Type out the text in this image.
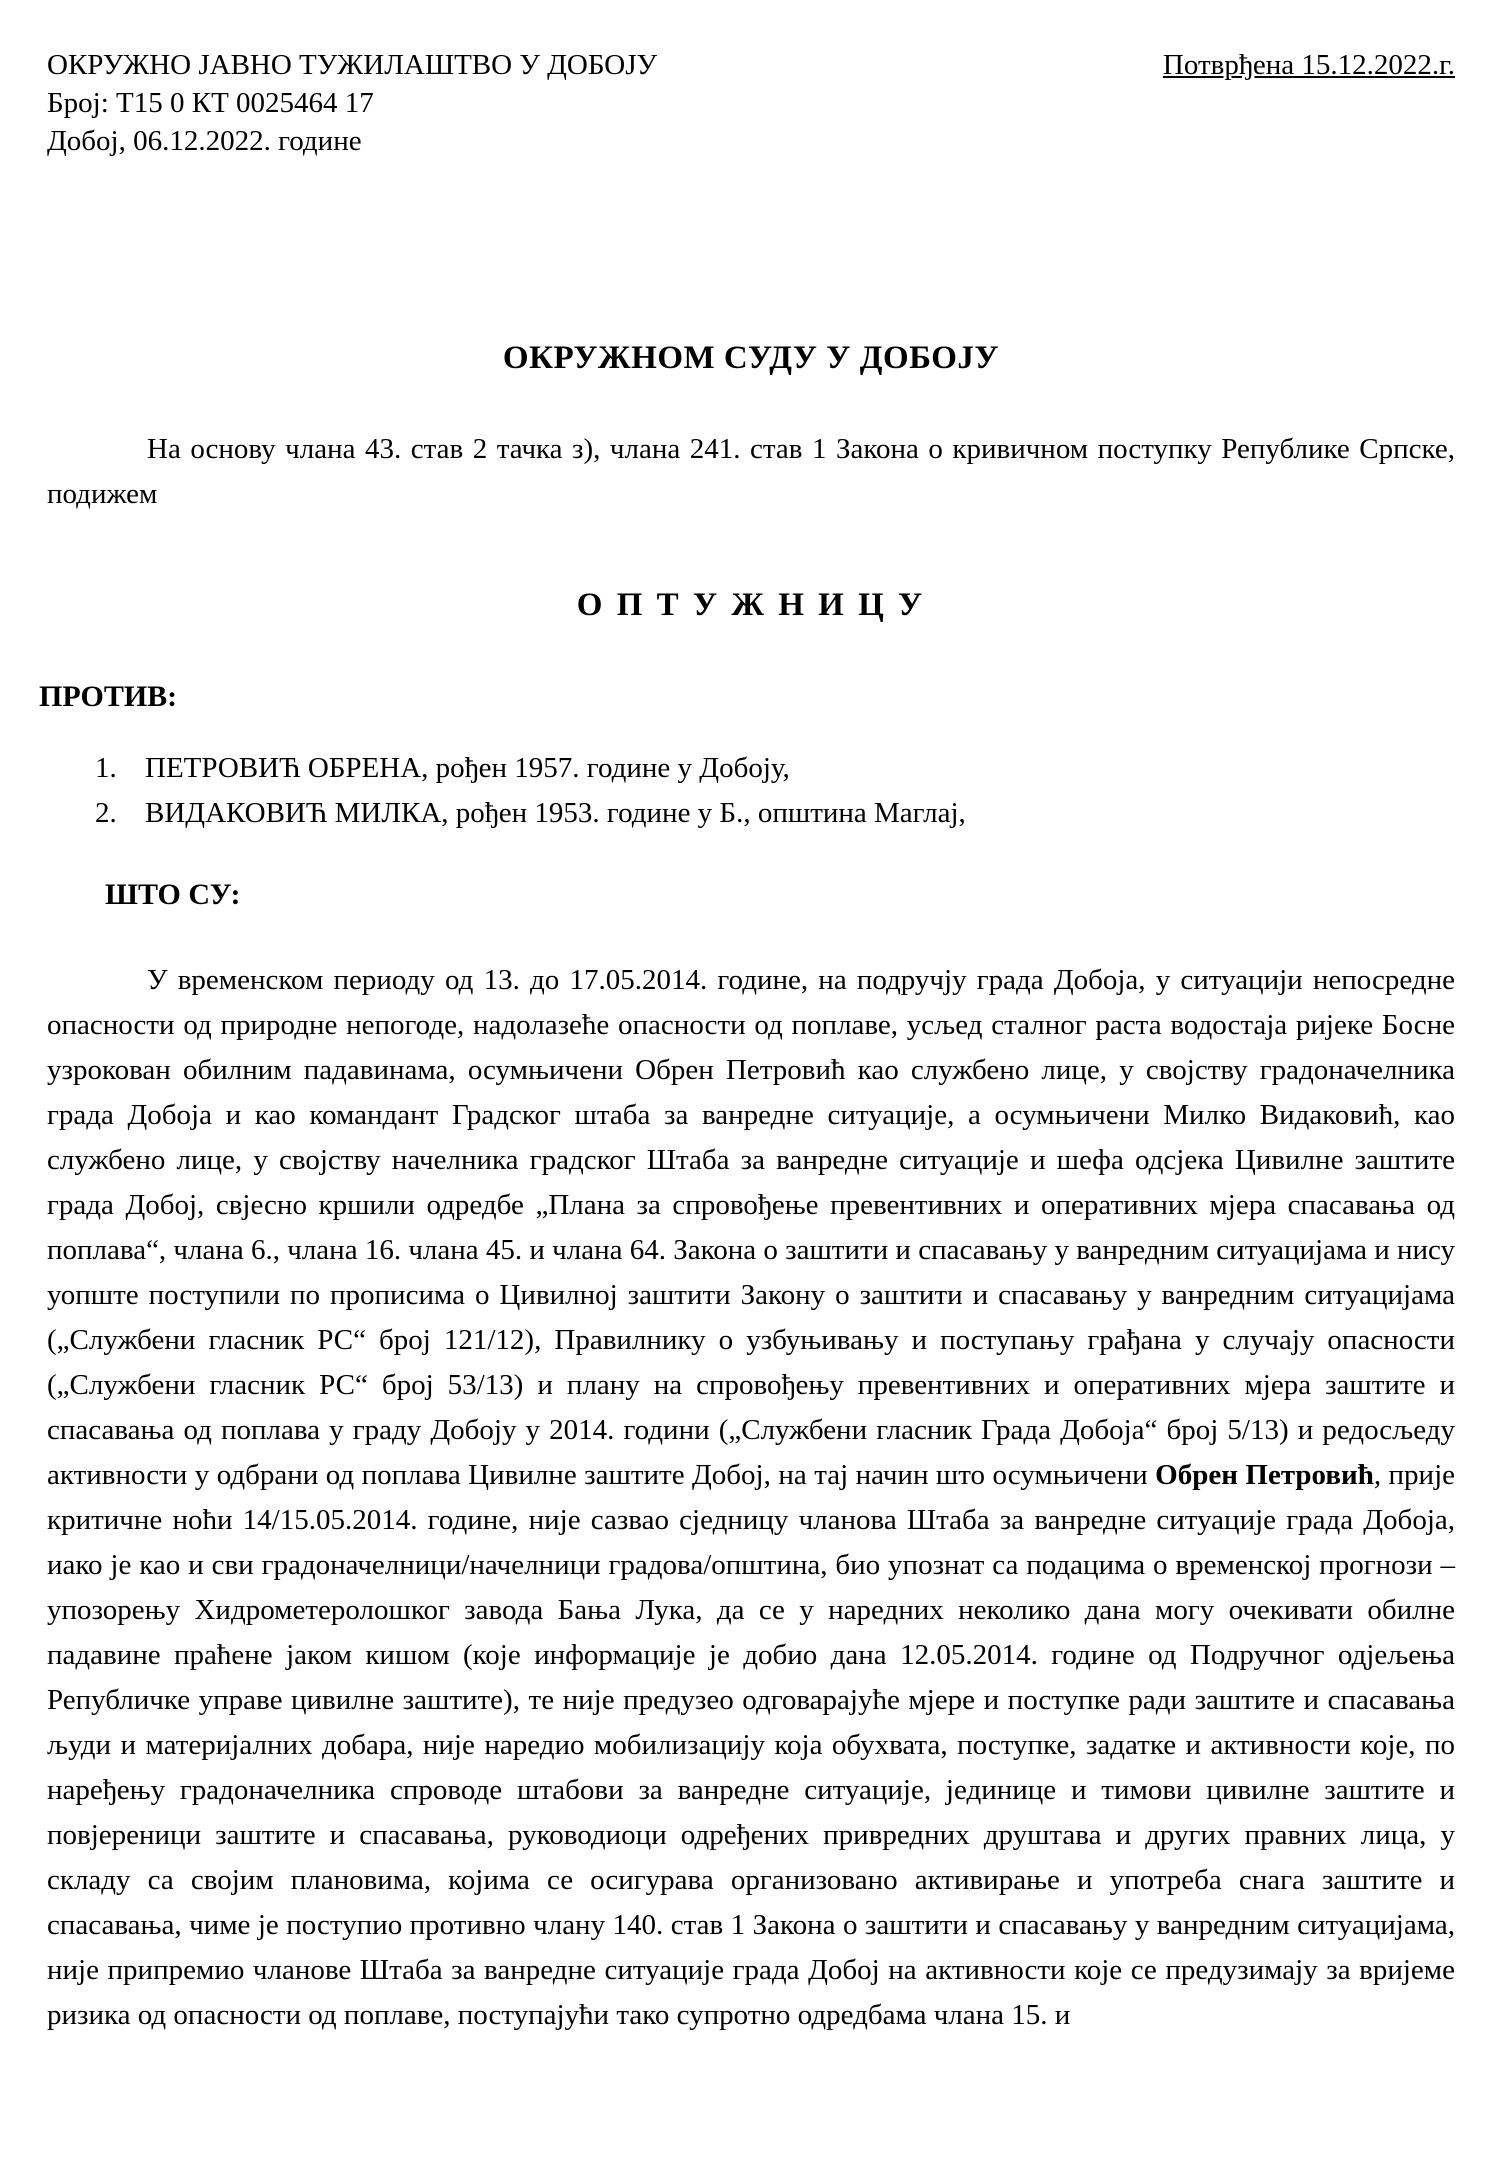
ОКРУЖНО ЈАВНО ТУЖИЛАШТВО У ДОБОЈУ
Број: Т15 0 КТ 0025464 17
Добој, 06.12.2022. године
Потврђена 15.12.2022.г.
ОКРУЖНОМ СУДУ У ДОБОЈУ

На основу члана 43. став 2 тачка з), члана 241. став 1 Закона о кривичном поступку Републике Српске, подижем

О П Т У Ж Н И Ц У
ПРОТИВ:
1. ПЕТРОВИЋ ОБРЕНА, рођен 1957. године у Добоју,
2. ВИДАКОВИЋ МИЛКА, рођен 1953. године у Б., општина Маглај,
ШТО СУ:

У временском периоду од 13. до 17.05.2014. године, на подручју града Добоја, у ситуацији непосредне опасности од природне непогоде, надолазеће опасности од поплаве, усљед сталног раста водостаја ријеке Босне узрокован обилним падавинама, осумњичени Обрен Петровић као службено лице, у својству градоначелника града Добоја и као командант Градског штаба за ванредне ситуације, а осумњичени Милко Видаковић, као службено лице, у својству начелника градског Штаба за ванредне ситуације и шефа одсјека Цивилне заштите града Добој, свјесно кршили одредбе „Плана за спровођење превентивних и оперативних мјера спасавања од поплава“, члана 6., члана 16. члана 45. и члана 64. Закона о заштити и спасавању у ванредним ситуацијама и нису уопште поступили по прописима о Цивилној заштити Закону о заштити и спасавању у ванредним ситуацијама („Службени гласник РС“ број 121/12), Правилнику о узбуњивању и поступању грађана у случају опасности („Службени гласник РС“ број 53/13) и плану на спровођењу превентивних и оперативних мјера заштите и спасавања од поплава у граду Добоју у 2014. години („Службени гласник Града Добоја“ број 5/13) и редосљеду активности у одбрани од поплава Цивилне заштите Добој, на тај начин што осумњичени Обрен Петровић, прије критичне ноћи 14/15.05.2014. године, није сазвао сједницу чланова Штаба за ванредне ситуације града Добоја, иако је као и сви градоначелници/начелници градова/општина, био упознат са подацима о временској прогнози – упозорењу Хидрометеролошког завода Бања Лука, да се у наредних неколико дана могу очекивати обилне падавине праћене јаком кишом (које информације је добио дана 12.05.2014. године од Подручног одјељења Републичке управе цивилне заштите), те није предузео одговарајуће мјере и поступке ради заштите и спасавања људи и материјалних добара, није наредио мобилизацију која обухвата, поступке, задатке и активности које, по наређењу градоначелника спроводе штабови за ванредне ситуације, јединице и тимови цивилне заштите и повјереници заштите и спасавања, руководиоци одређених привредних друштава и других правних лица, у складу са својим плановима, којима се осигурава организовано активирање и употреба снага заштите и спасавања, чиме је поступио противно члану 140. став 1 Закона о заштити и спасавању у ванредним ситуацијама, није припремио чланове Штаба за ванредне ситуације града Добој на активности које се предузимају за вријеме ризика од опасности од поплаве, поступајући тако супротно одредбама члана 15. и
